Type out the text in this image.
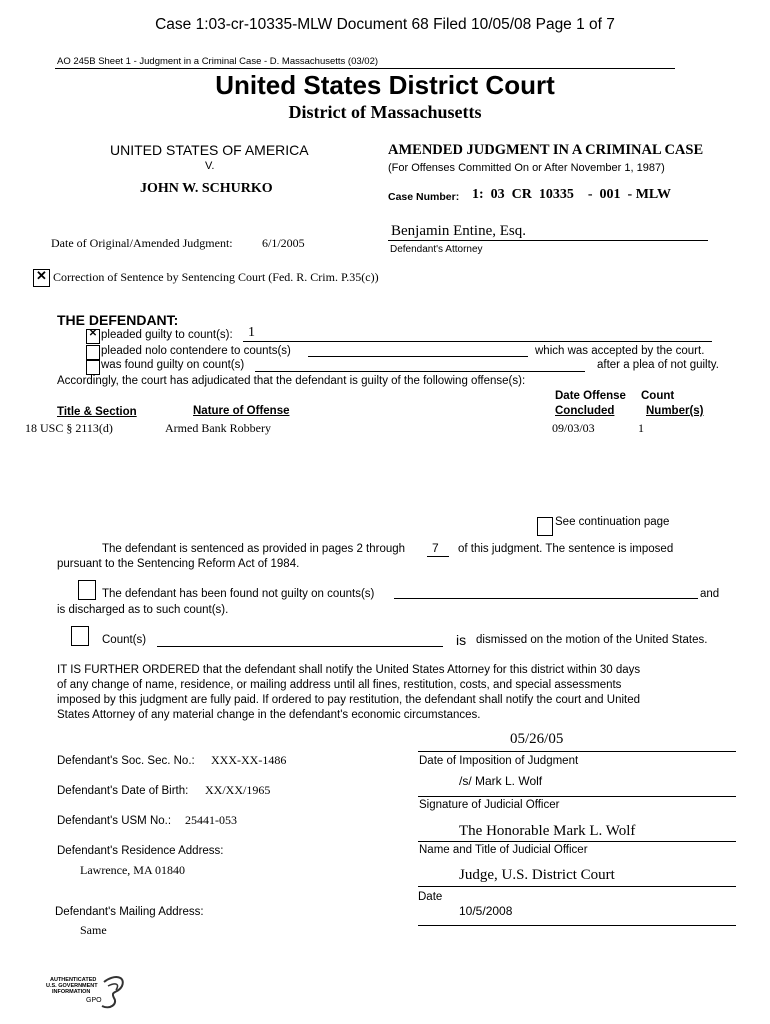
Case 1:03-cr-10335-MLW Document 68 Filed 10/05/08 Page 1 of 7
AO 245B Sheet 1 - Judgment in a Criminal Case - D. Massachusetts (03/02)
United States District Court
District of Massachusetts
UNITED STATES OF AMERICA
V.
JOHN W. SCHURKO
AMENDED JUDGMENT IN A CRIMINAL CASE
(For Offenses Committed On or After November 1, 1987)
Case Number: 1:  03  CR  10335    -  001  - MLW
Benjamin Entine, Esq.
Defendant's Attorney
Date of Original/Amended Judgment: 6/1/2005
✕
Correction of Sentence by Sentencing Court (Fed. R. Crim. P.35(c))
THE DEFENDANT:
✕
pleaded guilty to count(s): 1
pleaded nolo contendere to counts(s)	which was accepted by the court.
was found guilty on count(s)	after a plea of not guilty.
Accordingly, the court has adjudicated that the defendant is guilty of the following offense(s):
Date Offense Count
Title & Section	Nature of Offense	Concluded	Number(s)
18 USC § 2113(d)	Armed Bank Robbery	09/03/03	1
See continuation page
The defendant is sentenced as provided in pages 2 through 7 of this judgment. The sentence is imposed
pursuant to the Sentencing Reform Act of 1984.
The defendant has been found not guilty on counts(s)	and
is discharged as to such count(s).
Count(s)	is dismissed on the motion of the United States.
IT IS FURTHER ORDERED that the defendant shall notify the United States Attorney for this district within 30 days
of any change of name, residence, or mailing address until all fines, restitution, costs, and special assessments
imposed by this judgment are fully paid. If ordered to pay restitution, the defendant shall notify the court and United
States Attorney of any material change in the defendant's economic circumstances.
Defendant's Soc. Sec. No.: XXX-XX-1486
Defendant's Date of Birth: XX/XX/1965
Defendant's USM No.: 25441-053
Defendant's Residence Address:
Lawrence, MA 01840
Defendant's Mailing Address:
Same
05/26/05
Date of Imposition of Judgment
/s/ Mark L. Wolf
Signature of Judicial Officer
The Honorable Mark L. Wolf
Name and Title of Judicial Officer
Judge, U.S. District Court
Date
10/5/2008
AUTHENTICATED
U.S. GOVERNMENT
INFORMATION
GPO
